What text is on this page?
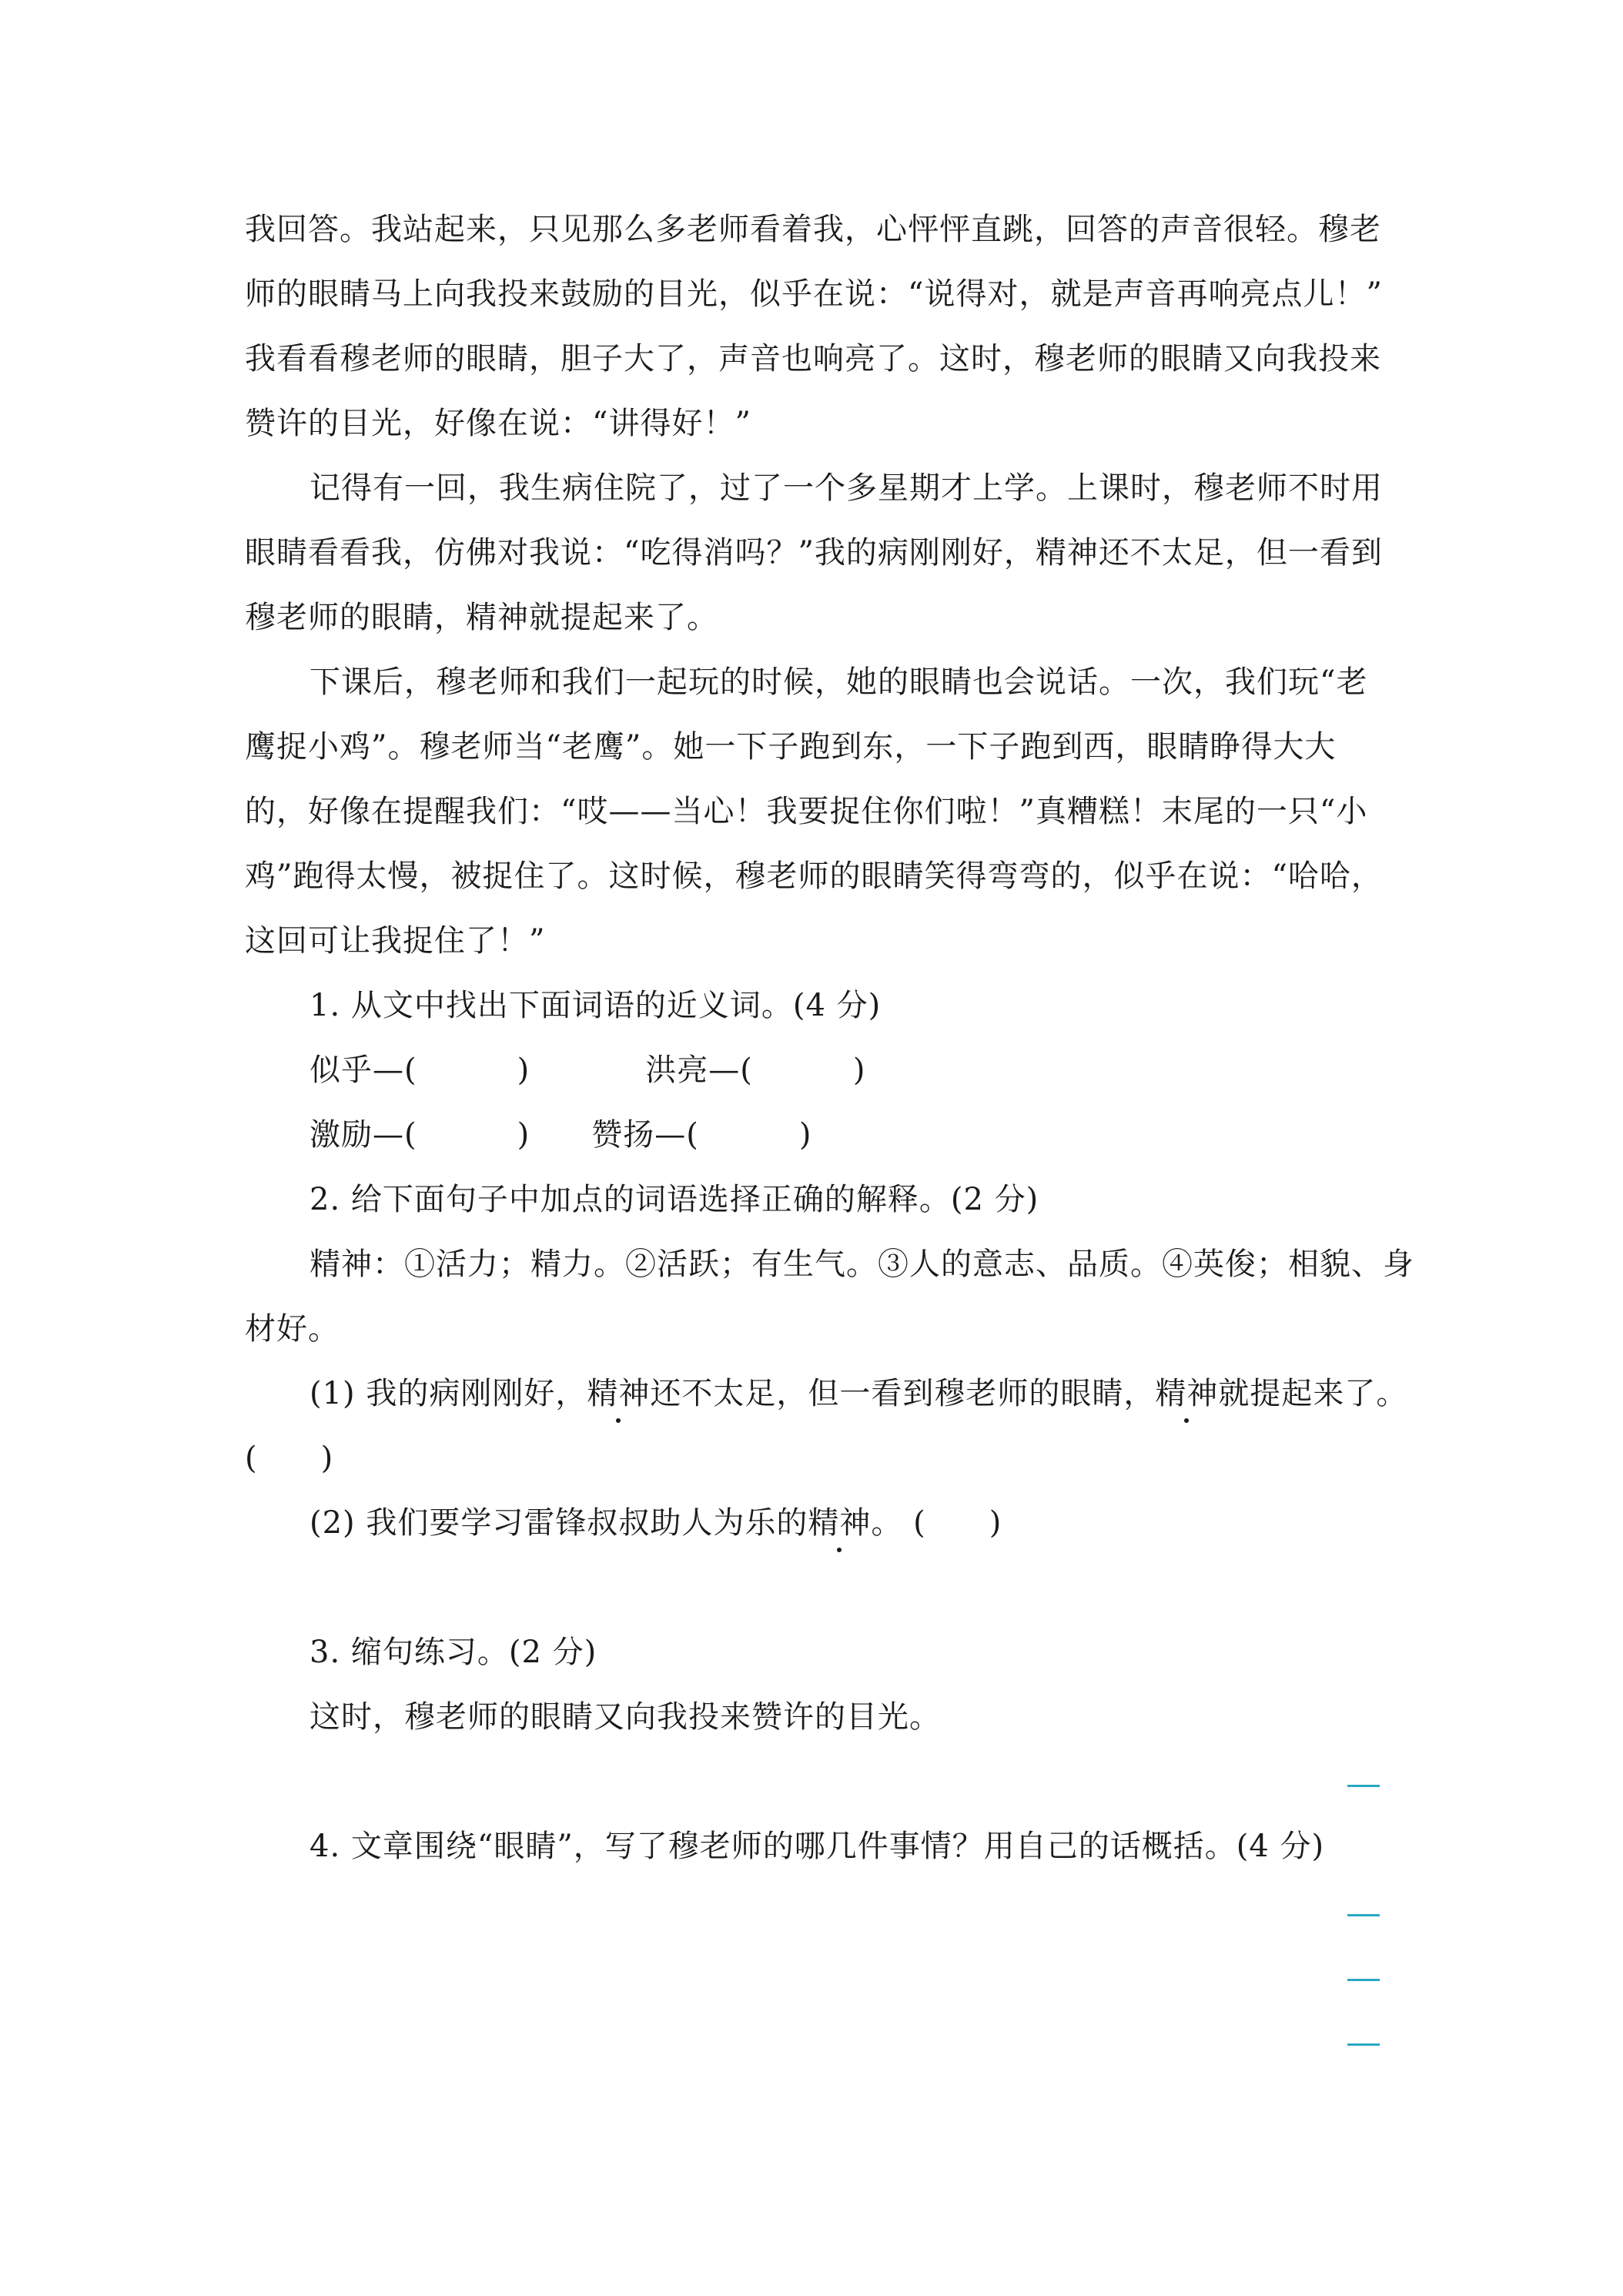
我回答。我站起来，只见那么多老师看着我，心怦怦直跳，回答的声音很轻。穆老
师的眼睛马上向我投来鼓励的目光，似乎在说：“说得对，就是声音再响亮点儿！”
我看看穆老师的眼睛，胆子大了，声音也响亮了。这时，穆老师的眼睛又向我投来
赞许的目光，好像在说：“讲得好！”
记得有一回，我生病住院了，过了一个多星期才上学。上课时，穆老师不时用
眼睛看看我，仿佛对我说：“吃得消吗？”我的病刚刚好，精神还不太足，但一看到
穆老师的眼睛，精神就提起来了。
下课后，穆老师和我们一起玩的时候，她的眼睛也会说话。一次，我们玩“老
鹰捉小鸡”。穆老师当“老鹰”。她一下子跑到东，一下子跑到西，眼睛睁得大大
的，好像在提醒我们：“哎——当心！我要捉住你们啦！”真糟糕！末尾的一只“小
鸡”跑得太慢，被捉住了。这时候，穆老师的眼睛笑得弯弯的，似乎在说：“哈哈，
这回可让我捉住了！”
1. 从文中找出下面词语的近义词。(4 分)
似乎—(	)	洪亮—(	)
激励—(	) 赞扬—(	)
2. 给下面句子中加点的词语选择正确的解释。(2 分)
精神：①活力；精力。②活跃；有生气。③人的意志、品质。④英俊；相貌、身
材好。
(1) 我的病刚刚好，精神还不太足，但一看到穆老师的眼睛，精神就提起来了。
(　　)
(2) 我们要学习雷锋叔叔助人为乐的精神。 (　　)
3. 缩句练习。(2 分)
这时，穆老师的眼睛又向我投来赞许的目光。
4. 文章围绕“眼睛”，写了穆老师的哪几件事情？用自己的话概括。(4 分)
